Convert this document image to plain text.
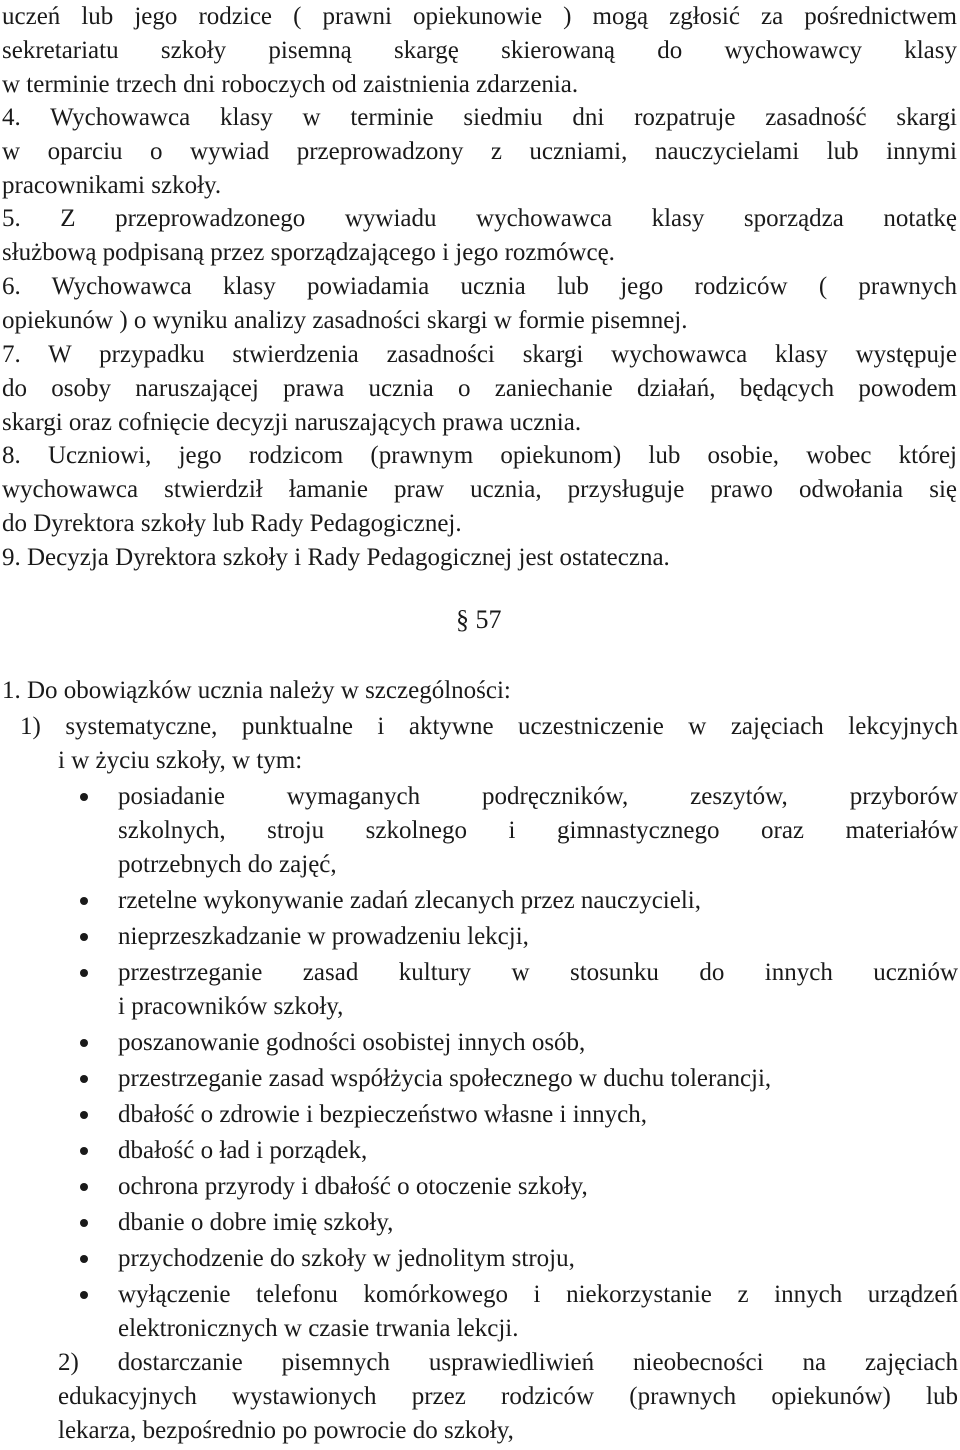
uczeń lub jego rodzice ( prawni opiekunowie ) mogą zgłosić za pośrednictwem
sekretariatu szkoły pisemną skargę skierowaną do wychowawcy klasy
w terminie trzech dni roboczych od zaistnienia zdarzenia.
4. Wychowawca klasy w terminie siedmiu dni rozpatruje zasadność skargi
w oparciu o wywiad przeprowadzony z uczniami, nauczycielami lub innymi
pracownikami szkoły.
5. Z przeprowadzonego wywiadu wychowawca klasy sporządza notatkę
służbową podpisaną przez sporządzającego i jego rozmówcę.
6. Wychowawca klasy powiadamia ucznia lub jego rodziców ( prawnych
opiekunów ) o wyniku analizy zasadności skargi w formie pisemnej.
7. W przypadku stwierdzenia zasadności skargi wychowawca klasy występuje
do osoby naruszającej prawa ucznia o zaniechanie działań, będących powodem
skargi oraz cofnięcie decyzji naruszających prawa ucznia.
8. Uczniowi, jego rodzicom (prawnym opiekunom) lub osobie, wobec której
wychowawca stwierdził łamanie praw ucznia, przysługuje prawo odwołania się
do Dyrektora szkoły lub Rady Pedagogicznej.
9. Decyzja Dyrektora szkoły i Rady Pedagogicznej jest ostateczna.
§ 57
1. Do obowiązków ucznia należy w szczególności:
1) systematyczne, punktualne i aktywne uczestniczenie w zajęciach lekcyjnych
i w życiu szkoły, w tym:
posiadanie wymaganych podręczników, zeszytów, przyborów
szkolnych, stroju szkolnego i gimnastycznego oraz materiałów
potrzebnych do zajęć,
rzetelne wykonywanie zadań zlecanych przez nauczycieli,
nieprzeszkadzanie w prowadzeniu lekcji,
przestrzeganie zasad kultury w stosunku do innych uczniów
i pracowników szkoły,
poszanowanie godności osobistej innych osób,
przestrzeganie zasad współżycia społecznego w duchu tolerancji,
dbałość o zdrowie i bezpieczeństwo własne i innych,
dbałość o ład i porządek,
ochrona przyrody i dbałość o otoczenie szkoły,
dbanie o dobre imię szkoły,
przychodzenie do szkoły w jednolitym stroju,
wyłączenie telefonu komórkowego i niekorzystanie z innych urządzeń
elektronicznych w czasie trwania lekcji.
2) dostarczanie pisemnych usprawiedliwień nieobecności na zajęciach
edukacyjnych wystawionych przez rodziców (prawnych opiekunów) lub
lekarza, bezpośrednio po powrocie do szkoły,
